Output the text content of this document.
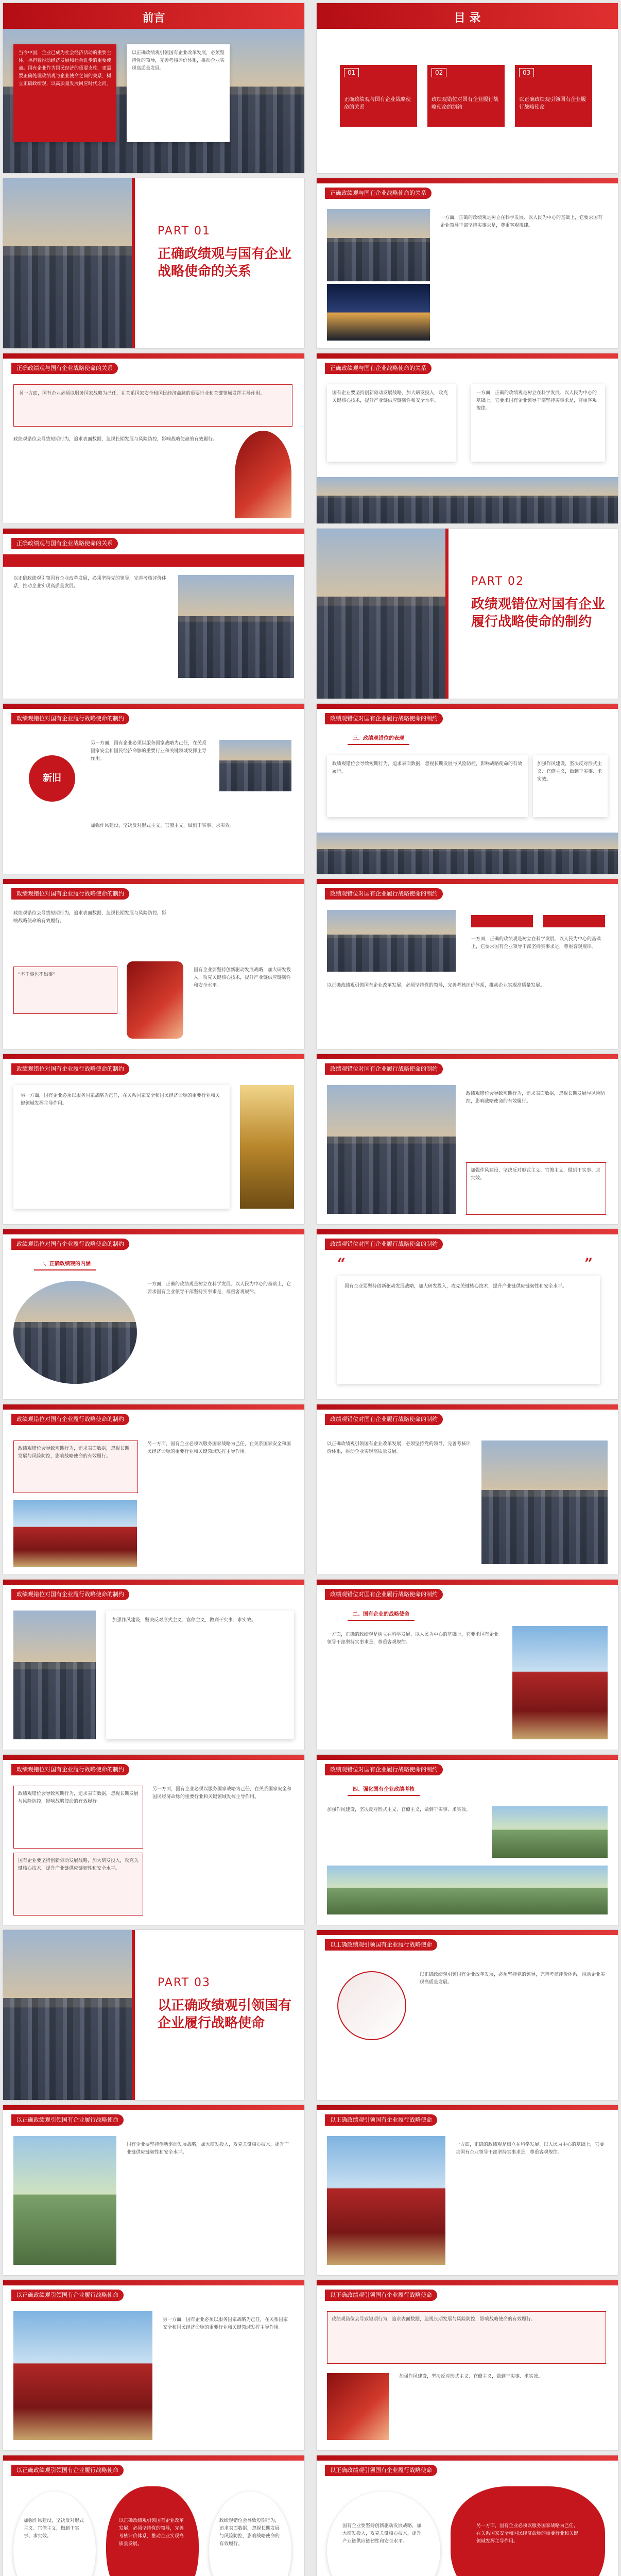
前言
当今中国，企业已成为社会经济活动的重要主体，承担着推动经济发展和社会进步的重要使命。国有企业作为国民经济的重要支柱，更需要正确处理政绩观与企业使命之间的关系，树立正确政绩观，以高质量发展回应时代之问。
以正确政绩观引领国有企业改革发展，必须坚持党的领导，完善考核评价体系，推动企业实现高质量发展。
目 录
01
正确政绩观与国有企业战略使命的关系
02
政绩观错位对国有企业履行战略使命的制约
03
以正确政绩观引领国有企业履行战略使命
PART 01
正确政绩观与国有企业战略使命的关系
正确政绩观与国有企业战略使命的关系
一方面，正确的政绩观是树立在科学发展、以人民为中心的基础上，它要求国有企业领导干部坚持实事求是，尊重客观规律。
正确政绩观与国有企业战略使命的关系
另一方面，国有企业必须以服务国家战略为己任，在关系国家安全和国民经济命脉的重要行业和关键领域发挥主导作用。
政绩观错位会导致短期行为，追求表面数据，忽视长期发展与风险防控，影响战略使命的有效履行。
正确政绩观与国有企业战略使命的关系
国有企业要坚持创新驱动发展战略，加大研发投入，攻克关键核心技术，提升产业链供应链韧性和安全水平。
一方面，正确的政绩观是树立在科学发展、以人民为中心的基础上，它要求国有企业领导干部坚持实事求是，尊重客观规律。
正确政绩观与国有企业战略使命的关系
以正确政绩观引领国有企业改革发展，必须坚持党的领导，完善考核评价体系，推动企业实现高质量发展。	PART 02
政绩观错位对国有企业履行战略使命的制约
政绩观错位对国有企业履行战略使命的制约
新旧
另一方面，国有企业必须以服务国家战略为己任，在关系国家安全和国民经济命脉的重要行业和关键领域发挥主导作用。
加强作风建设，坚决反对形式主义、官僚主义，做到干实事、求实效。
政绩观错位对国有企业履行战略使命的制约
三、政绩观错位的表现
政绩观错位会导致短期行为，追求表面数据，忽视长期发展与风险防控，影响战略使命的有效履行。
加强作风建设，坚决反对形式主义、官僚主义，做到干实事、求实效。
政绩观错位对国有企业履行战略使命的制约
政绩观错位会导致短期行为，追求表面数据，忽视长期发展与风险防控，影响战略使命的有效履行。
“不干事也不出事”
国有企业要坚持创新驱动发展战略，加大研发投入，攻克关键核心技术，提升产业链供应链韧性和安全水平。
政绩观错位对国有企业履行战略使命的制约
一方面，正确的政绩观是树立在科学发展、以人民为中心的基础上，它要求国有企业领导干部坚持实事求是，尊重客观规律。
以正确政绩观引领国有企业改革发展，必须坚持党的领导，完善考核评价体系，推动企业实现高质量发展。
政绩观错位对国有企业履行战略使命的制约
另一方面，国有企业必须以服务国家战略为己任，在关系国家安全和国民经济命脉的重要行业和关键领域发挥主导作用。
政绩观错位对国有企业履行战略使命的制约
政绩观错位会导致短期行为，追求表面数据，忽视长期发展与风险防控，影响战略使命的有效履行。
加强作风建设，坚决反对形式主义、官僚主义，做到干实事、求实效。
政绩观错位对国有企业履行战略使命的制约
一、正确政绩观的内涵
一方面，正确的政绩观是树立在科学发展、以人民为中心的基础上，它要求国有企业领导干部坚持实事求是，尊重客观规律。
政绩观错位对国有企业履行战略使命的制约
“	”
国有企业要坚持创新驱动发展战略，加大研发投入，攻克关键核心技术，提升产业链供应链韧性和安全水平。
政绩观错位对国有企业履行战略使命的制约
政绩观错位会导致短期行为，追求表面数据，忽视长期发展与风险防控，影响战略使命的有效履行。
另一方面，国有企业必须以服务国家战略为己任，在关系国家安全和国民经济命脉的重要行业和关键领域发挥主导作用。
政绩观错位对国有企业履行战略使命的制约
以正确政绩观引领国有企业改革发展，必须坚持党的领导，完善考核评价体系，推动企业实现高质量发展。
政绩观错位对国有企业履行战略使命的制约
加强作风建设，坚决反对形式主义、官僚主义，做到干实事、求实效。
政绩观错位对国有企业履行战略使命的制约
二、国有企业的战略使命
一方面，正确的政绩观是树立在科学发展、以人民为中心的基础上，它要求国有企业领导干部坚持实事求是，尊重客观规律。
政绩观错位对国有企业履行战略使命的制约
政绩观错位会导致短期行为，追求表面数据，忽视长期发展与风险防控，影响战略使命的有效履行。
国有企业要坚持创新驱动发展战略，加大研发投入，攻克关键核心技术，提升产业链供应链韧性和安全水平。
另一方面，国有企业必须以服务国家战略为己任，在关系国家安全和国民经济命脉的重要行业和关键领域发挥主导作用。
政绩观错位对国有企业履行战略使命的制约
四、强化国有企业政绩考核
加强作风建设，坚决反对形式主义、官僚主义，做到干实事、求实效。
PART 03
以正确政绩观引领国有企业履行战略使命
以正确政绩观引领国有企业履行战略使命
以正确政绩观引领国有企业改革发展，必须坚持党的领导，完善考核评价体系，推动企业实现高质量发展。
以正确政绩观引领国有企业履行战略使命
国有企业要坚持创新驱动发展战略，加大研发投入，攻克关键核心技术，提升产业链供应链韧性和安全水平。
以正确政绩观引领国有企业履行战略使命
一方面，正确的政绩观是树立在科学发展、以人民为中心的基础上，它要求国有企业领导干部坚持实事求是，尊重客观规律。
以正确政绩观引领国有企业履行战略使命
另一方面，国有企业必须以服务国家战略为己任，在关系国家安全和国民经济命脉的重要行业和关键领域发挥主导作用。
以正确政绩观引领国有企业履行战略使命
政绩观错位会导致短期行为，追求表面数据，忽视长期发展与风险防控，影响战略使命的有效履行。
加强作风建设，坚决反对形式主义、官僚主义，做到干实事、求实效。
以正确政绩观引领国有企业履行战略使命
加强作风建设，坚决反对形式主义、官僚主义，做到干实事、求实效。
以正确政绩观引领国有企业改革发展，必须坚持党的领导，完善考核评价体系，推动企业实现高质量发展。
政绩观错位会导致短期行为，追求表面数据，忽视长期发展与风险防控，影响战略使命的有效履行。
以正确政绩观引领国有企业履行战略使命
国有企业要坚持创新驱动发展战略，加大研发投入，攻克关键核心技术，提升产业链供应链韧性和安全水平。
另一方面，国有企业必须以服务国家战略为己任，在关系国家安全和国民经济命脉的重要行业和关键领域发挥主导作用。
